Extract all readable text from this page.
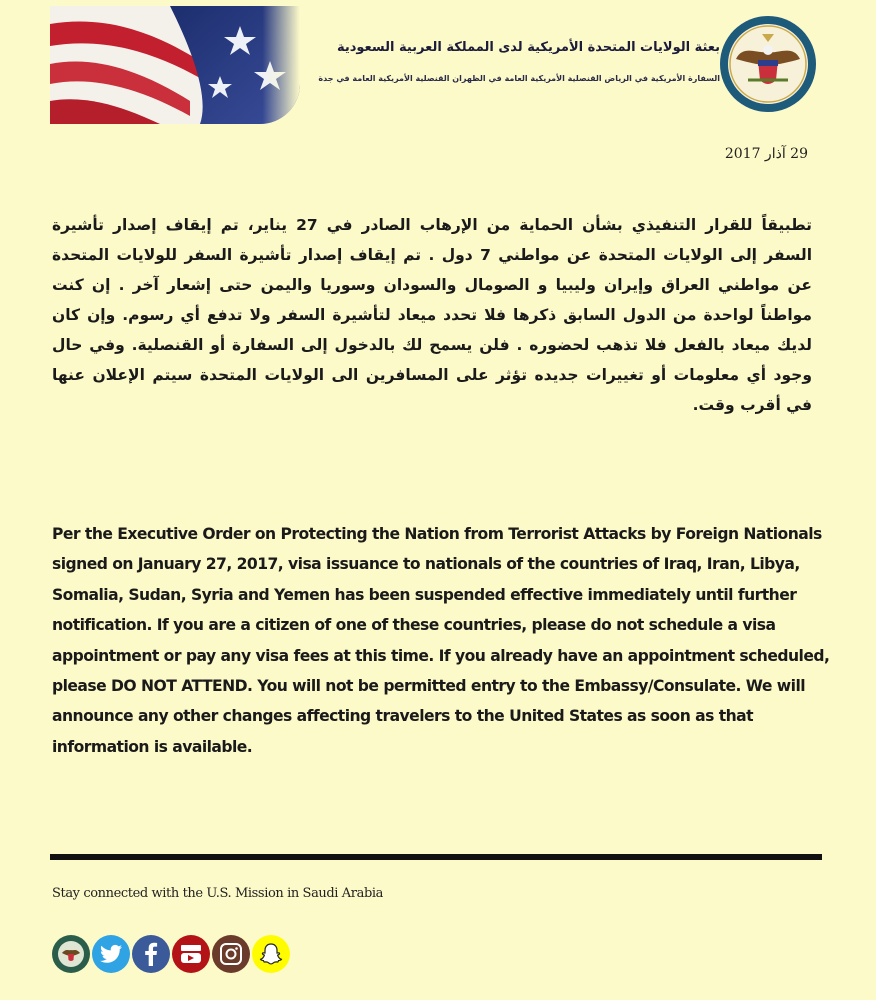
بعثة الولايات المتحدة الأمريكية لدى المملكة العربية السعودية
السفارة الأمريكية في الرياض القنصلية الأمريكية العامة في الظهران القنصلية الأمريكية العامة في جدة
29 آذار 2017
تطبيقاً للقرار التنفيذي بشأن الحماية من الإرهاب الصادر في 27 يناير، تم إيقاف إصدار تأشيرة السفر إلى الولايات المتحدة عن مواطني 7 دول . تم إيقاف إصدار تأشيرة السفر للولايات المتحدة عن مواطني العراق وإيران وليبيا و الصومال والسودان وسوريا واليمن حتى إشعار آخر . إن كنت مواطناً لواحدة من الدول السابق ذكرها فلا تحدد ميعاد لتأشيرة السفر ولا تدفع أي رسوم. وإن كان لديك ميعاد بالفعل فلا تذهب لحضوره . فلن يسمح لك بالدخول إلى السفارة أو القنصلية. وفي حال وجود أي معلومات أو تغييرات جديده تؤثر على المسافرين الى الولايات المتحدة سيتم الإعلان عنها في أقرب وقت.
Per the Executive Order on Protecting the Nation from Terrorist Attacks by Foreign Nationals signed on January 27, 2017, visa issuance to nationals of the countries of Iraq, Iran, Libya, Somalia, Sudan, Syria and Yemen has been suspended effective immediately until further notification. If you are a citizen of one of these countries, please do not schedule a visa appointment or pay any visa fees at this time. If you already have an appointment scheduled, please DO NOT ATTEND. You will not be permitted entry to the Embassy/Consulate. We will announce any other changes affecting travelers to the United States as soon as that information is available.
Stay connected with the U.S. Mission in Saudi Arabia
